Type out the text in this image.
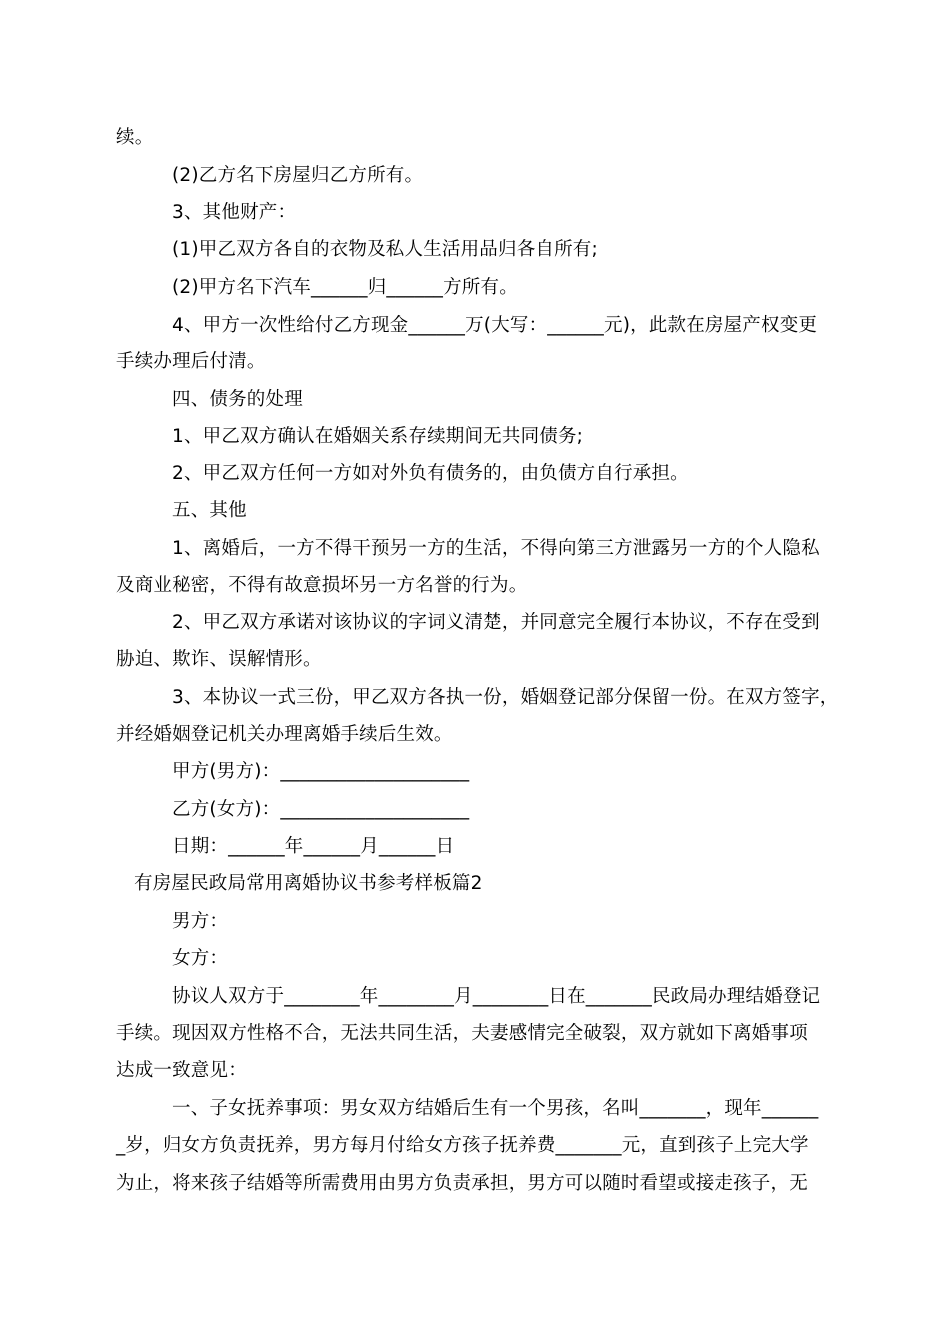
续。
(2)乙方名下房屋归乙方所有。
3、其他财产：
(1)甲乙双方各自的衣物及私人生活用品归各自所有;
(2)甲方名下汽车______归______方所有。
4、甲方一次性给付乙方现金______万(大写：______元)，此款在房屋产权变更
手续办理后付清。
四、债务的处理
1、甲乙双方确认在婚姻关系存续期间无共同债务;
2、甲乙双方任何一方如对外负有债务的，由负债方自行承担。
五、其他
1、离婚后，一方不得干预另一方的生活，不得向第三方泄露另一方的个人隐私
及商业秘密，不得有故意损坏另一方名誉的行为。
2、甲乙双方承诺对该协议的字词义清楚，并同意完全履行本协议，不存在受到
胁迫、欺诈、误解情形。
3、本协议一式三份，甲乙双方各执一份，婚姻登记部分保留一份。在双方签字，
并经婚姻登记机关办理离婚手续后生效。
甲方(男方)：____________________
乙方(女方)：____________________
日期：______年______月______日
有房屋民政局常用离婚协议书参考样板篇2
男方：
女方：
协议人双方于________年________月________日在_______民政局办理结婚登记
手续。现因双方性格不合，无法共同生活，夫妻感情完全破裂，双方就如下离婚事项
达成一致意见：
一、子女抚养事项：男女双方结婚后生有一个男孩，名叫_______，现年______
_岁，归女方负责抚养，男方每月付给女方孩子抚养费_______元，直到孩子上完大学
为止，将来孩子结婚等所需费用由男方负责承担，男方可以随时看望或接走孩子，无
